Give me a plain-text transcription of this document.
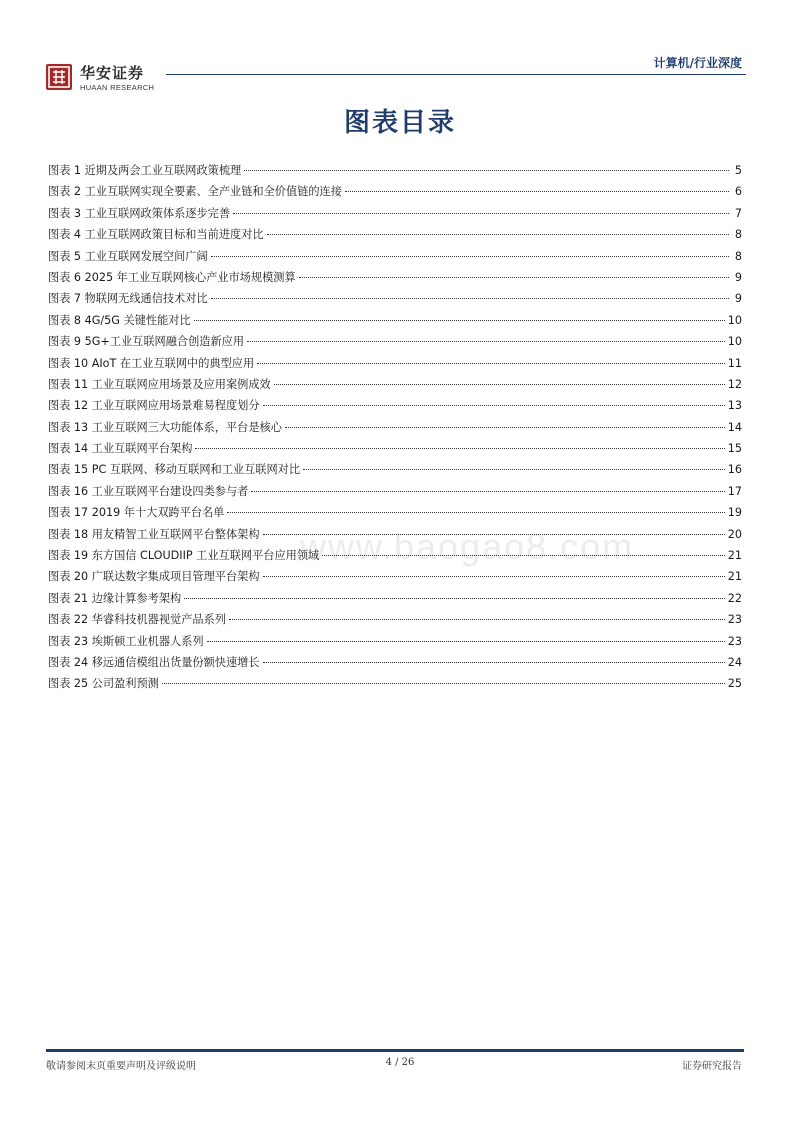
华安证券
HUAAN RESEARCH
计算机/行业深度
图表目录
www.baogao8.com
图表 1 近期及两会工业互联网政策梳理	5
图表 2 工业互联网实现全要素、全产业链和全价值链的连接	6
图表 3 工业互联网政策体系逐步完善	7
图表 4 工业互联网政策目标和当前进度对比	8
图表 5 工业互联网发展空间广阔	8
图表 6 2025 年工业互联网核心产业市场规模测算	9
图表 7 物联网无线通信技术对比	9
图表 8 4G/5G 关键性能对比	10
图表 9 5G+工业互联网融合创造新应用	10
图表 10 AIoT 在工业互联网中的典型应用	11
图表 11 工业互联网应用场景及应用案例成效	12
图表 12 工业互联网应用场景难易程度划分	13
图表 13 工业互联网三大功能体系，平台是核心	14
图表 14 工业互联网平台架构	15
图表 15 PC 互联网、移动互联网和工业互联网对比	16
图表 16 工业互联网平台建设四类参与者	17
图表 17 2019 年十大双跨平台名单	19
图表 18 用友精智工业互联网平台整体架构	20
图表 19 东方国信 CLOUDIIP 工业互联网平台应用领域	21
图表 20 广联达数字集成项目管理平台架构	21
图表 21 边缘计算参考架构	22
图表 22 华睿科技机器视觉产品系列	23
图表 23 埃斯顿工业机器人系列	23
图表 24 移远通信模组出货量份额快速增长	24
图表 25 公司盈利预测	25
敬请参阅末页重要声明及评级说明	4 / 26	证券研究报告
